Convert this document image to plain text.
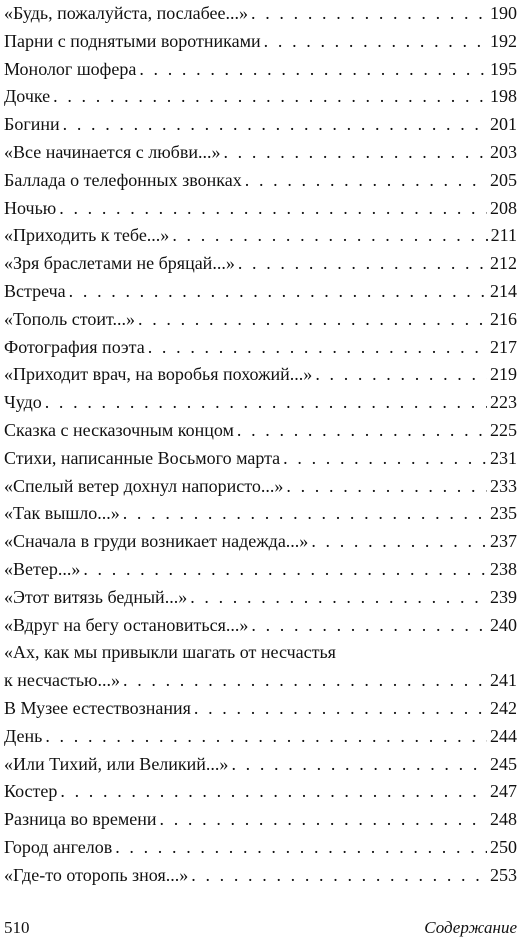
«Будь, пожалуйста, послабее...» . . .	190
Парни с поднятыми воротниками . . .	192
Монолог шофера . . .	195
Дочке . . .	198
Богини . . .	201
«Все начинается с любви...» . . .	203
Баллада о телефонных звонках . . .	205
Ночью . . .	208
«Приходить к тебе...» . . .	211
«Зря браслетами не бряцай...» . . .	212
Встреча . . .	214
«Тополь стоит...» . . .	216
Фотография поэта . . .	217
«Приходит врач, на воробья похожий...» . . .	219
Чудо . . .	223
Сказка с несказочным концом . . .	225
Стихи, написанные Восьмого марта . . .	231
«Спелый ветер дохнул напористо...» . . .	233
«Так вышло...» . . .	235
«Сначала в груди возникает надежда...» . . .	237
«Ветер...» . . .	238
«Этот витязь бедный...» . . .	239
«Вдруг на бегу остановиться...» . . .	240
«Ах, как мы привыкли шагать от несчастья
к несчастью...» . . .	241
В Музее естествознания . . .	242
День . . .	244
«Или Тихий, или Великий...» . . .	245
Костер . . .	247
Разница во времени . . .	248
Город ангелов . . .	250
«Где-то оторопь зноя...» . . .	253
510	Содержание
